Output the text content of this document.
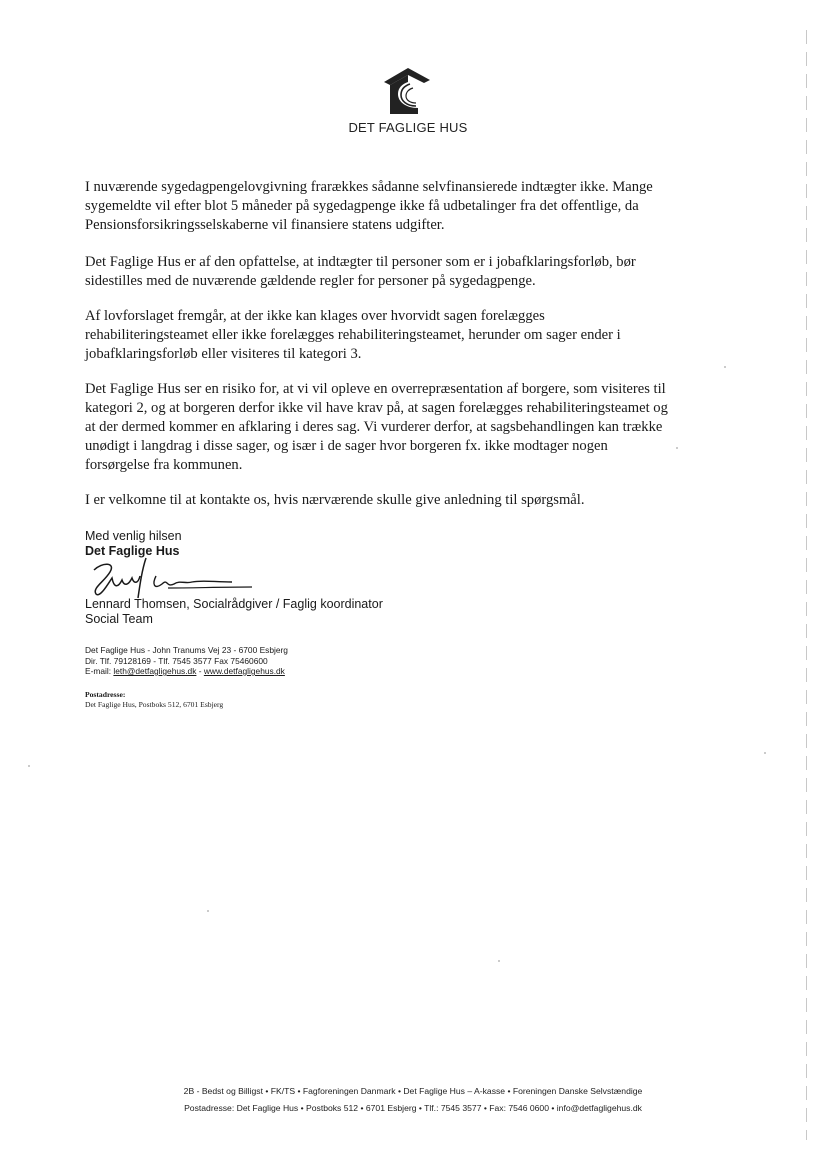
DET FAGLIGE HUS

I nuværende sygedagpengelovgivning frarækkes sådanne selvfinansierede indtægter ikke. Mange

sygemeldte vil efter blot 5 måneder på sygedagpenge ikke få udbetalinger fra det offentlige, da

Pensionsforsikringsselskaberne vil finansiere statens udgifter.

Det Faglige Hus er af den opfattelse, at indtægter til personer som er i jobafklaringsforløb, bør

sidestilles med de nuværende gældende regler for personer på sygedagpenge.

Af lovforslaget fremgår, at der ikke kan klages over hvorvidt sagen forelægges

rehabiliteringsteamet eller ikke forelægges rehabiliteringsteamet, herunder om sager ender i

jobafklaringsforløb eller visiteres til kategori 3.

Det Faglige Hus ser en risiko for, at vi vil opleve en overrepræsentation af borgere, som visiteres til

kategori 2, og at borgeren derfor ikke vil have krav på, at sagen forelægges rehabiliteringsteamet og

at der dermed kommer en afklaring i deres sag. Vi vurderer derfor, at sagsbehandlingen kan trække

unødigt i langdrag i disse sager, og især i de sager hvor borgeren fx. ikke modtager nogen

forsørgelse fra kommunen.

I er velkomne til at kontakte os, hvis nærværende skulle give anledning til spørgsmål.

Med venlig hilsen
Det Faglige Hus
Lennard Thomsen, Socialrådgiver / Faglig koordinator
Social Team
Det Faglige Hus - John Tranums Vej 23 - 6700 Esbjerg
Dir. Tlf. 79128169 - Tlf. 7545 3577 Fax 75460600
E-mail: leth@detfagligehus.dk - www.detfagligehus.dk
Postadresse:
Det Faglige Hus, Postboks 512, 6701 Esbjerg
2B - Bedst og Billigst • FK/TS • Fagforeningen Danmark • Det Faglige Hus – A-kasse • Foreningen Danske Selvstændige
Postadresse: Det Faglige Hus • Postboks 512 • 6701 Esbjerg • Tlf.: 7545 3577 • Fax: 7546 0600 • info@detfagligehus.dk
